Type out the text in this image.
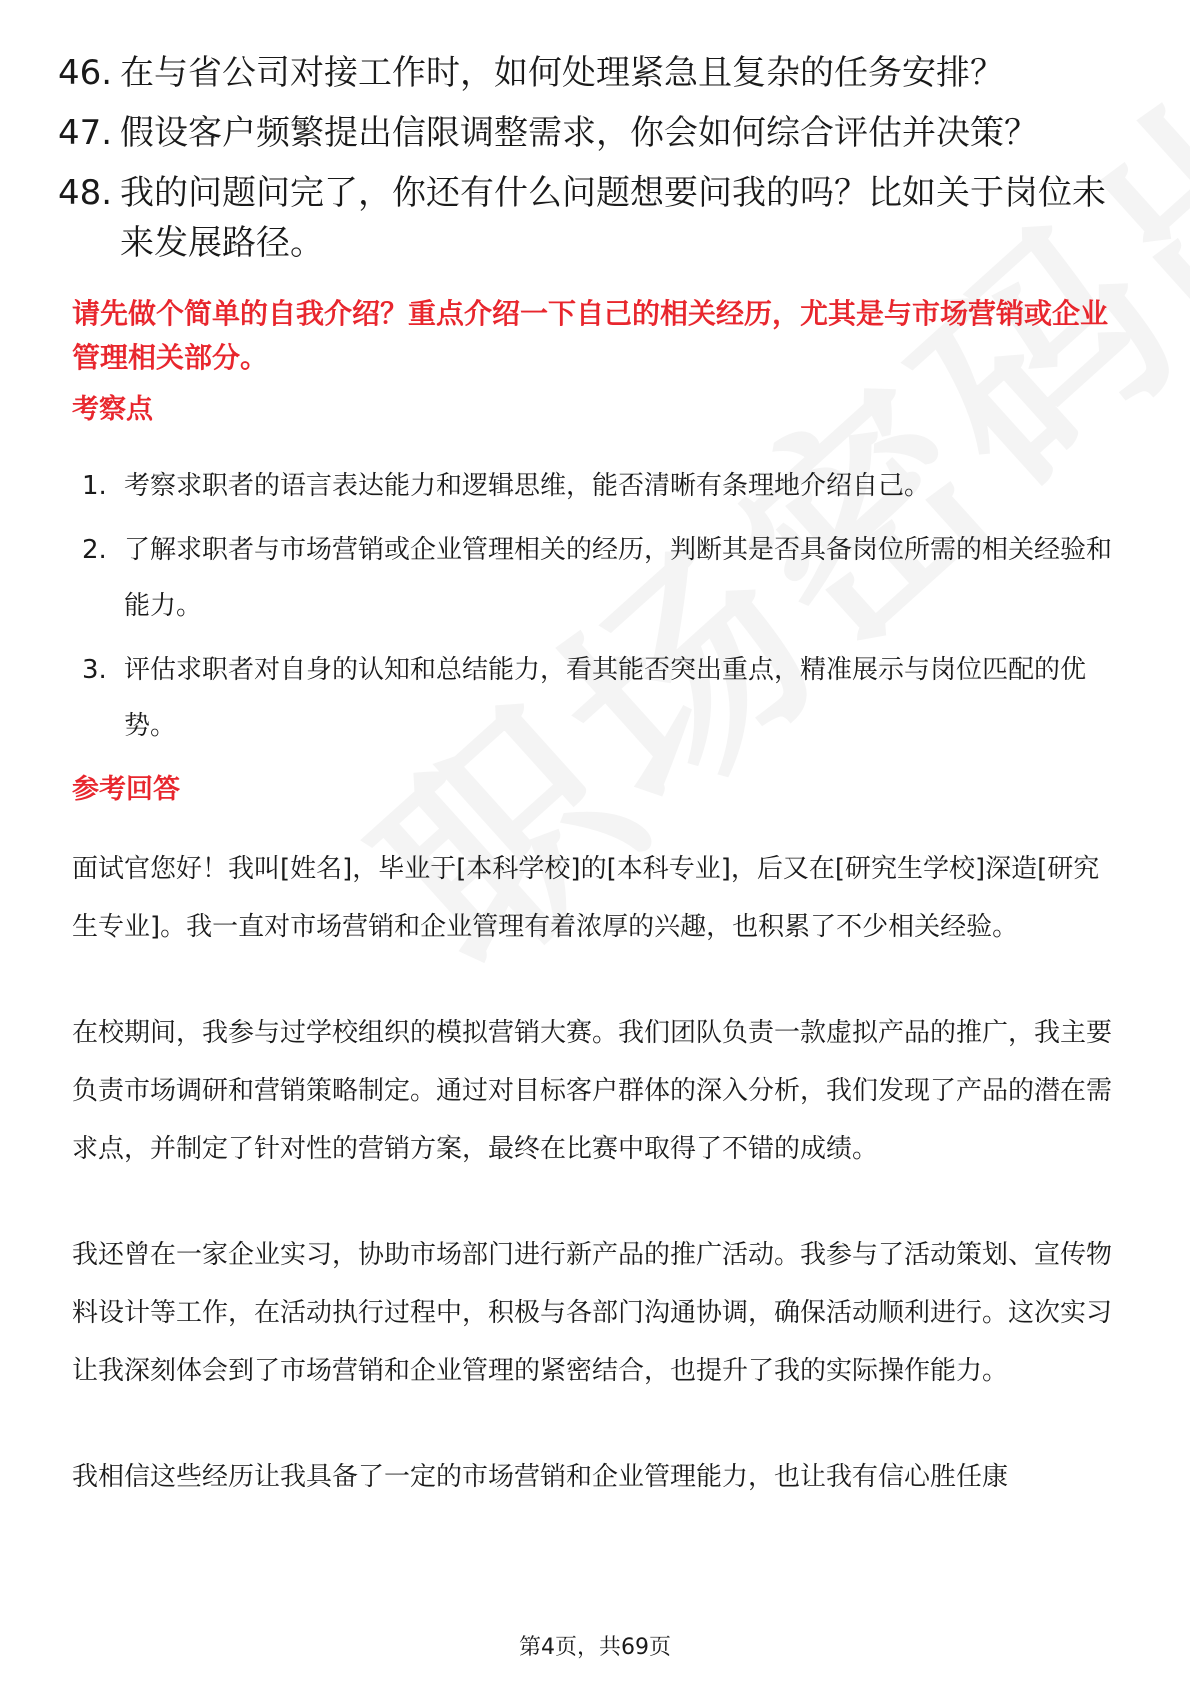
46. 在与省公司对接工作时，如何处理紧急且复杂的任务安排？
47. 假设客户频繁提出信限调整需求，你会如何综合评估并决策？
48. 我的问题问完了，你还有什么问题想要问我的吗？比如关于岗位未来发展路径。
请先做个简单的自我介绍？重点介绍一下自己的相关经历，尤其是与市场营销或企业管理相关部分。
考察点
1. 考察求职者的语言表达能力和逻辑思维，能否清晰有条理地介绍自己。
2. 了解求职者与市场营销或企业管理相关的经历，判断其是否具备岗位所需的相关经验和能力。
3. 评估求职者对自身的认知和总结能力，看其能否突出重点，精准展示与岗位匹配的优势。
参考回答

面试官您好！我叫[姓名]，毕业于[本科学校]的[本科专业]，后又在[研究生学校]深造[研究生专业]。我一直对市场营销和企业管理有着浓厚的兴趣，也积累了不少相关经验。

在校期间，我参与过学校组织的模拟营销大赛。我们团队负责一款虚拟产品的推广，我主要负责市场调研和营销策略制定。通过对目标客户群体的深入分析，我们发现了产品的潜在需求点，并制定了针对性的营销方案，最终在比赛中取得了不错的成绩。

我还曾在一家企业实习，协助市场部门进行新产品的推广活动。我参与了活动策划、宣传物料设计等工作，在活动执行过程中，积极与各部门沟通协调，确保活动顺利进行。这次实习让我深刻体会到了市场营销和企业管理的紧密结合，也提升了我的实际操作能力。

我相信这些经历让我具备了一定的市场营销和企业管理能力，也让我有信心胜任康

第4页，共69页
